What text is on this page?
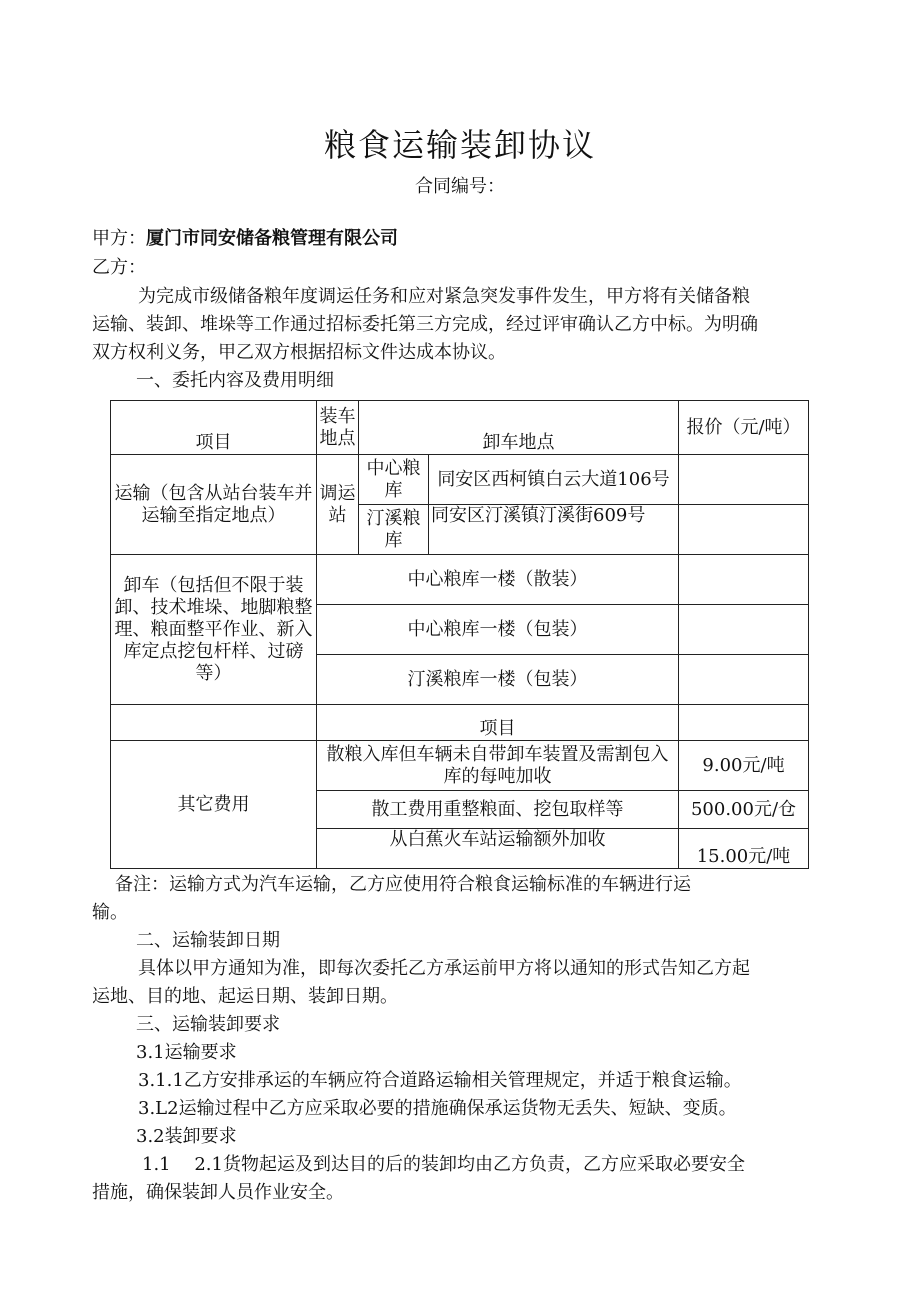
粮食运输装卸协议
合同编号：
甲方：厦门市同安储备粮管理有限公司
乙方：
为完成市级储备粮年度调运任务和应对紧急突发事件发生，甲方将有关储备粮
运输、装卸、堆垛等工作通过招标委托第三方完成，经过评审确认乙方中标。为明确
双方权利义务，甲乙双方根据招标文件达成本协议。
一、委托内容及费用明细
项目	装车地点	卸车地点		报价（元/吨）
运输（包含从站台装车并运输至指定地点）	调运站	中心粮库	同安区西柯镇白云大道106号	
		汀溪粮库	同安区汀溪镇汀溪街609号	
卸车（包括但不限于装卸、技术堆垛、地脚粮整理、粮面整平作业、新入库定点挖包杆样、过磅等）	中心粮库一楼（散装）			
	中心粮库一楼（包装）			
	汀溪粮库一楼（包装）			
	项目			
其它费用	散粮入库但车辆未自带卸车装置及需割包入库的每吨加收			9.00元/吨
	散工费用重整粮面、挖包取样等			500.00元/仓
	从白蕉火车站运输额外加收			15.00元/吨
备注：运输方式为汽车运输，乙方应使用符合粮食运输标准的车辆进行运
输。
二、运输装卸日期
具体以甲方通知为准，即每次委托乙方承运前甲方将以通知的形式告知乙方起
运地、目的地、起运日期、装卸日期。
三、运输装卸要求
3.1运输要求
3.1.1乙方安排承运的车辆应符合道路运输相关管理规定，并适于粮食运输。
3.L2运输过程中乙方应采取必要的措施确保承运货物无丢失、短缺、变质。
3.2装卸要求
1.1　 2.1货物起运及到达目的后的装卸均由乙方负责，乙方应采取必要安全
措施，确保装卸人员作业安全。
